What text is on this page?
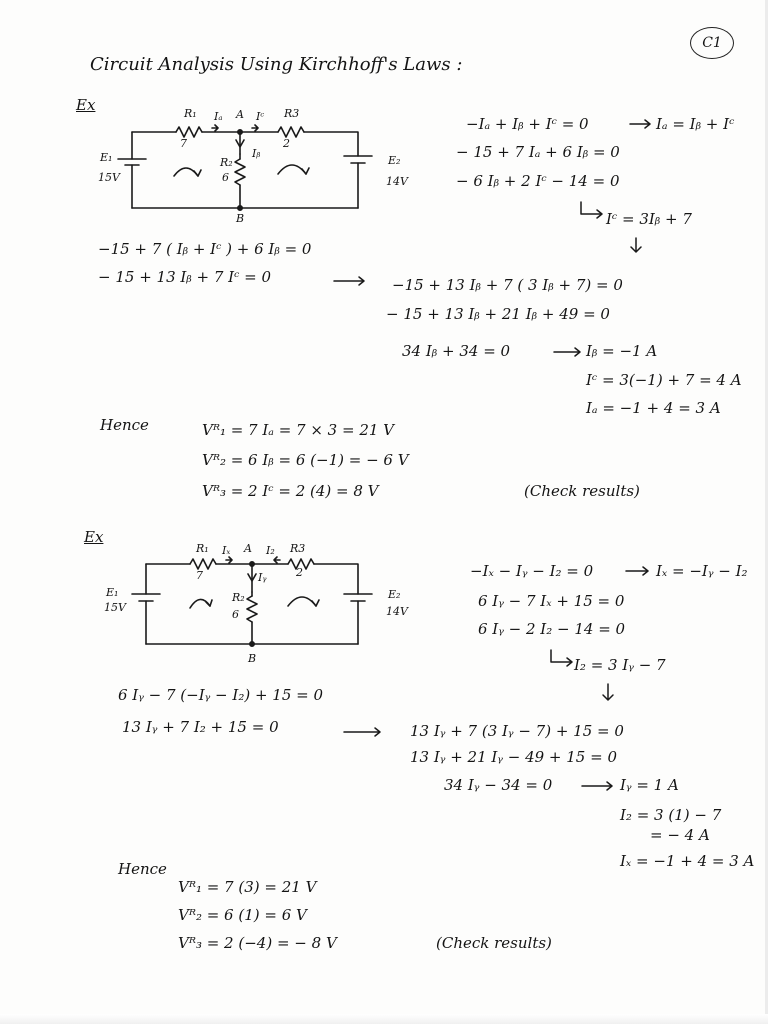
C1
Circuit Analysis Using Kirchhoff's Laws :
Ex	R₁
7
Iₐ A Iᶜ R3
2
Iᵦ
R₂
6
E₁
15V
E₂
14V
B
−Iₐ + Iᵦ + Iᶜ = 0	Iₐ = Iᵦ + Iᶜ
− 15 + 7 Iₐ + 6 Iᵦ = 0
− 6 Iᵦ + 2 Iᶜ − 14 = 0
Iᶜ = 3Iᵦ + 7
−15 + 7 ( Iᵦ + Iᶜ ) + 6 Iᵦ = 0
− 15 + 13 Iᵦ + 7 Iᶜ = 0	−15 + 13 Iᵦ + 7 ( 3 Iᵦ + 7) = 0
− 15 + 13 Iᵦ + 21 Iᵦ + 49 = 0
34 Iᵦ + 34 = 0	Iᵦ = −1 A
Iᶜ = 3(−1) + 7 = 4 A
Iₐ = −1 + 4 = 3 A
Hence	Vᴿ₁ = 7 Iₐ = 7 × 3 = 21 V
Vᴿ₂ = 6 Iᵦ = 6 (−1) = − 6 V
Vᴿ₃ = 2 Iᶜ = 2 (4) = 8 V	(Check results)
Ex
R₁
7
Iₓ A I₂ R3
2
Iᵧ
R₂
6
E₁
15V
E₂
14V
B
−Iₓ − Iᵧ − I₂ = 0	Iₓ = −Iᵧ − I₂
6 Iᵧ − 7 Iₓ + 15 = 0
6 Iᵧ − 2 I₂ − 14 = 0
I₂ = 3 Iᵧ − 7
6 Iᵧ − 7 (−Iᵧ − I₂) + 15 = 0
13 Iᵧ + 7 I₂ + 15 = 0	13 Iᵧ + 7 (3 Iᵧ − 7) + 15 = 0
13 Iᵧ + 21 Iᵧ − 49 + 15 = 0
34 Iᵧ − 34 = 0	Iᵧ = 1 A
I₂ = 3 (1) − 7
= − 4 A
Iₓ = −1 + 4 = 3 A
Hence
Vᴿ₁ = 7 (3) = 21 V
Vᴿ₂ = 6 (1) = 6 V
Vᴿ₃ = 2 (−4) = − 8 V	(Check results)
